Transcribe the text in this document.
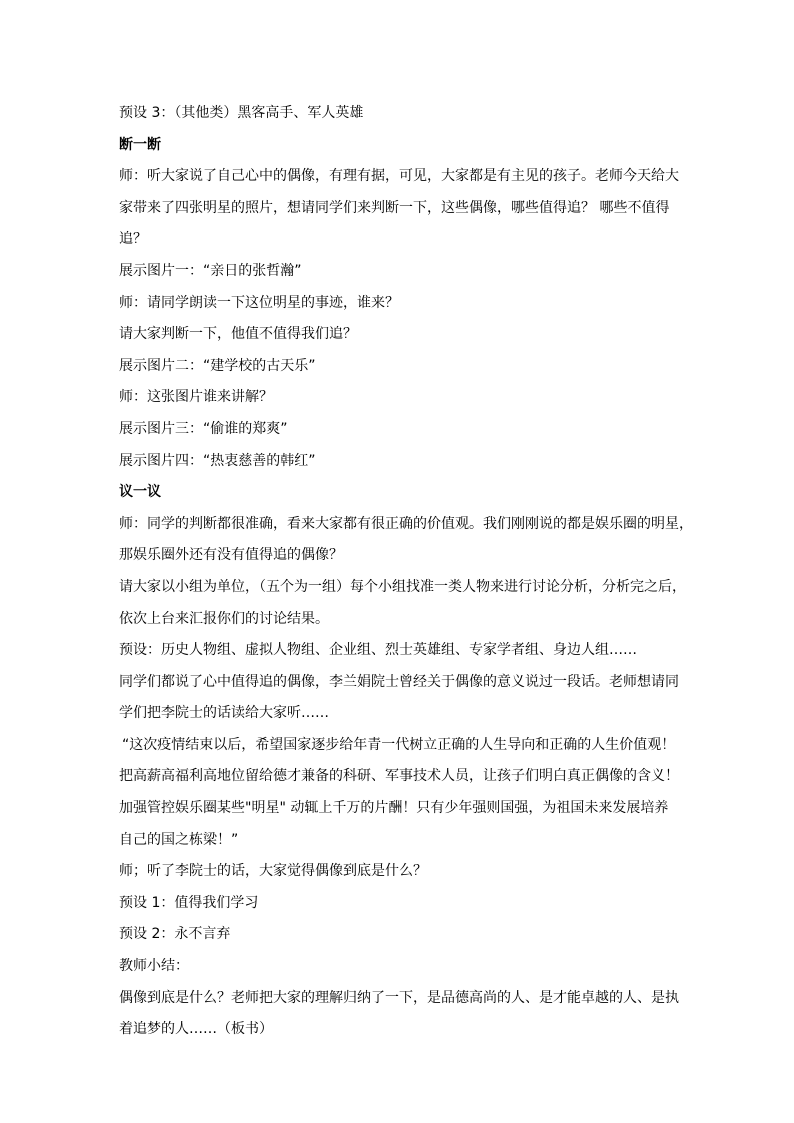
预设 3：（其他类）黑客高手、军人英雄
断一断
师：听大家说了自己心中的偶像，有理有据，可见，大家都是有主见的孩子。老师今天给大
家带来了四张明星的照片，想请同学们来判断一下，这些偶像，哪些值得追？ 哪些不值得
追？
展示图片一：“亲日的张哲瀚”
师：请同学朗读一下这位明星的事迹，谁来？
请大家判断一下，他值不值得我们追？
展示图片二：“建学校的古天乐”
师：这张图片谁来讲解？
展示图片三：“偷谁的郑爽”
展示图片四：“热衷慈善的韩红”
议一议
师：同学的判断都很准确，看来大家都有很正确的价值观。我们刚刚说的都是娱乐圈的明星，
那娱乐圈外还有没有值得追的偶像？
请大家以小组为单位，（五个为一组）每个小组找准一类人物来进行讨论分析，分析完之后，
依次上台来汇报你们的讨论结果。
预设：历史人物组、虚拟人物组、企业组、烈士英雄组、专家学者组、身边人组……
同学们都说了心中值得追的偶像，李兰娟院士曾经关于偶像的意义说过一段话。老师想请同
学们把李院士的话读给大家听……
“这次疫情结束以后，希望国家逐步给年青一代树立正确的人生导向和正确的人生价值观！
把高薪高福利高地位留给德才兼备的科研、军事技术人员，让孩子们明白真正偶像的含义！
加强管控娱乐圈某些"明星" 动辄上千万的片酬！只有少年强则国强，为祖国未来发展培养
自己的国之栋梁！”
师；听了李院士的话，大家觉得偶像到底是什么？
预设 1：值得我们学习
预设 2：永不言弃
教师小结：
偶像到底是什么？老师把大家的理解归纳了一下，是品德高尚的人、是才能卓越的人、是执
着追梦的人……（板书）
